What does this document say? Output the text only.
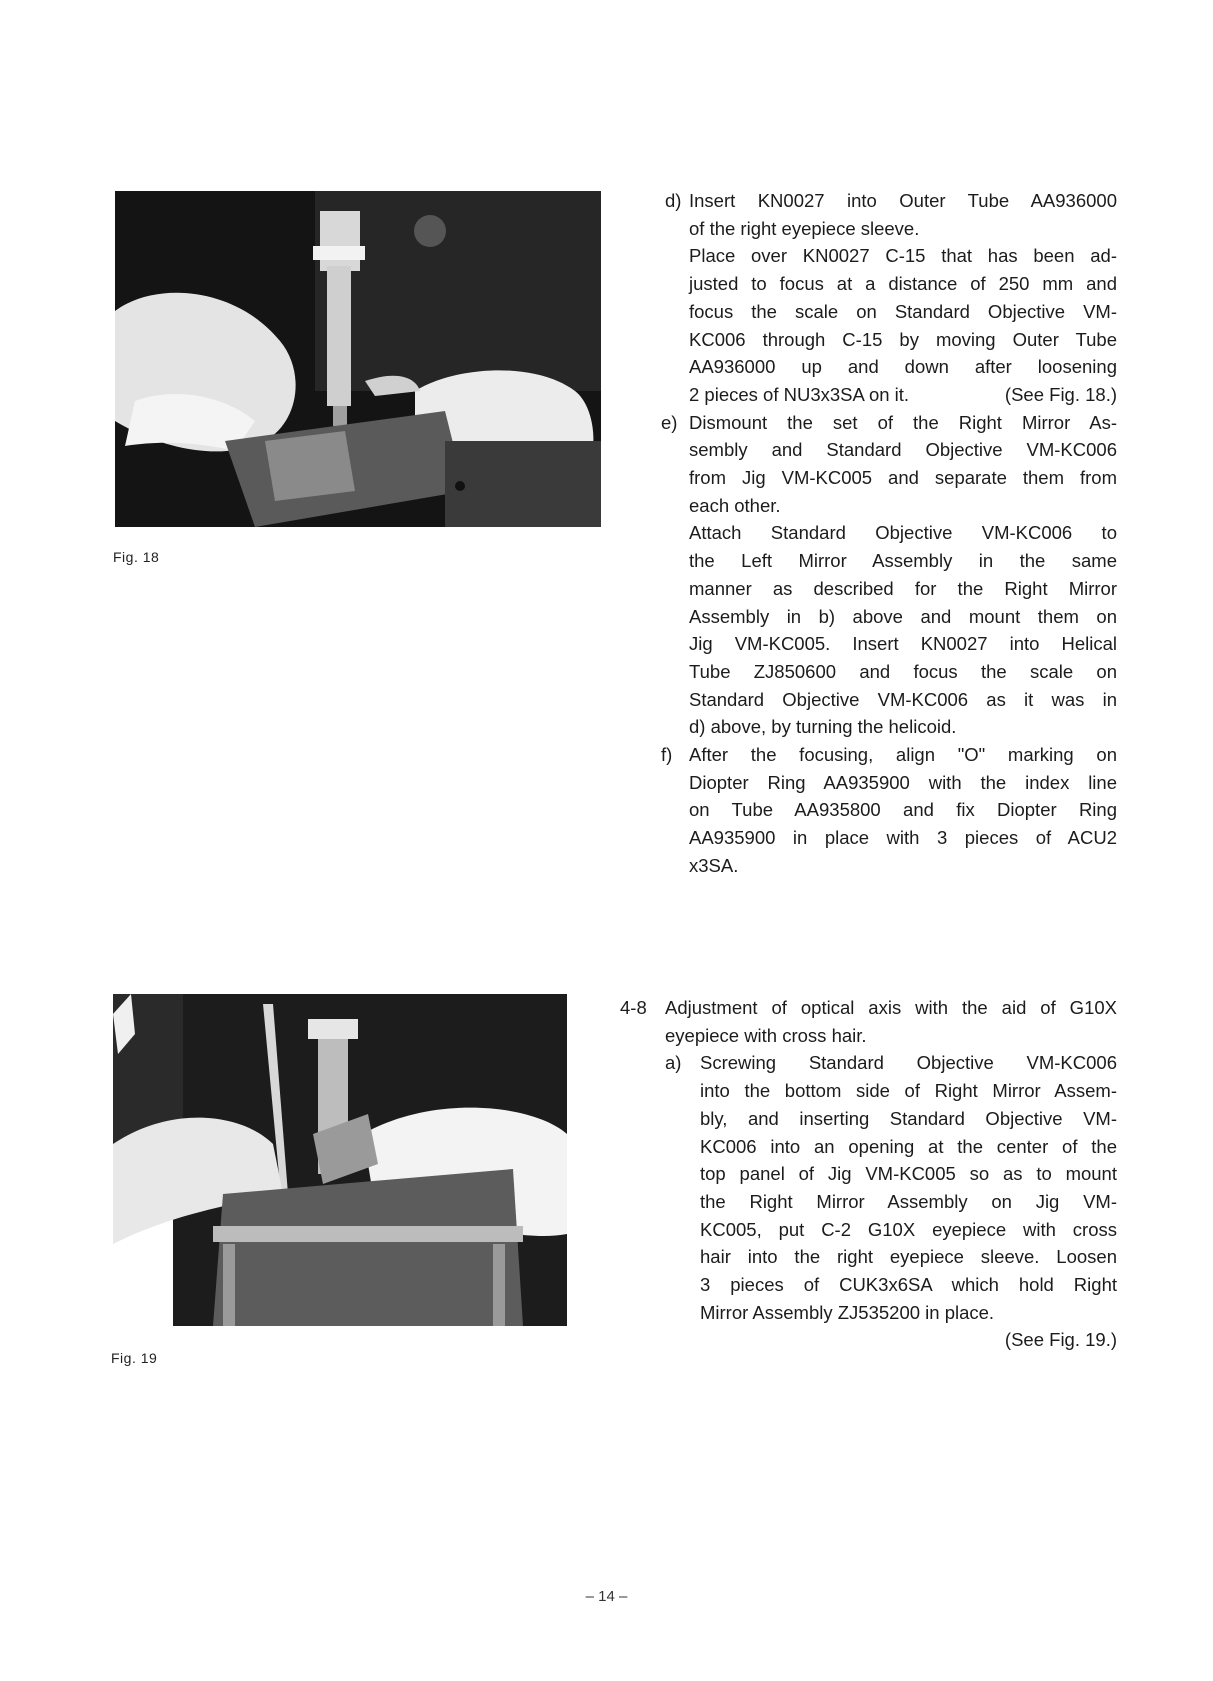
Fig. 18
Fig. 19
d) Insert KN0027 into Outer Tube AA936000
of the right eyepiece sleeve.
Place over KN0027 C-15 that has been ad-
justed to focus at a distance of 250 mm and
focus the scale on Standard Objective VM-
KC006 through C-15 by moving Outer Tube
AA936000 up and down after loosening
2 pieces of NU3x3SA on it.	(See Fig. 18.)
e) Dismount the set of the Right Mirror As-
sembly and Standard Objective VM-KC006
from Jig VM-KC005 and separate them from
each other.
Attach Standard Objective VM-KC006 to
the Left Mirror Assembly in the same
manner as described for the Right Mirror
Assembly in b) above and mount them on
Jig VM-KC005. Insert KN0027 into Helical
Tube ZJ850600 and focus the scale on
Standard Objective VM-KC006 as it was in
d) above, by turning the helicoid.
f) After the focusing, align "O" marking on
Diopter Ring AA935900 with the index line
on Tube AA935800 and fix Diopter Ring
AA935900 in place with 3 pieces of ACU2
x3SA.
4-8 Adjustment of optical axis with the aid of G10X
eyepiece with cross hair.
a) Screwing Standard Objective VM-KC006
into the bottom side of Right Mirror Assem-
bly, and inserting Standard Objective VM-
KC006 into an opening at the center of the
top panel of Jig VM-KC005 so as to mount
the Right Mirror Assembly on Jig VM-
KC005, put C-2 G10X eyepiece with cross
hair into the right eyepiece sleeve. Loosen
3 pieces of CUK3x6SA which hold Right
Mirror Assembly ZJ535200 in place.
(See Fig. 19.)
– 14 –
